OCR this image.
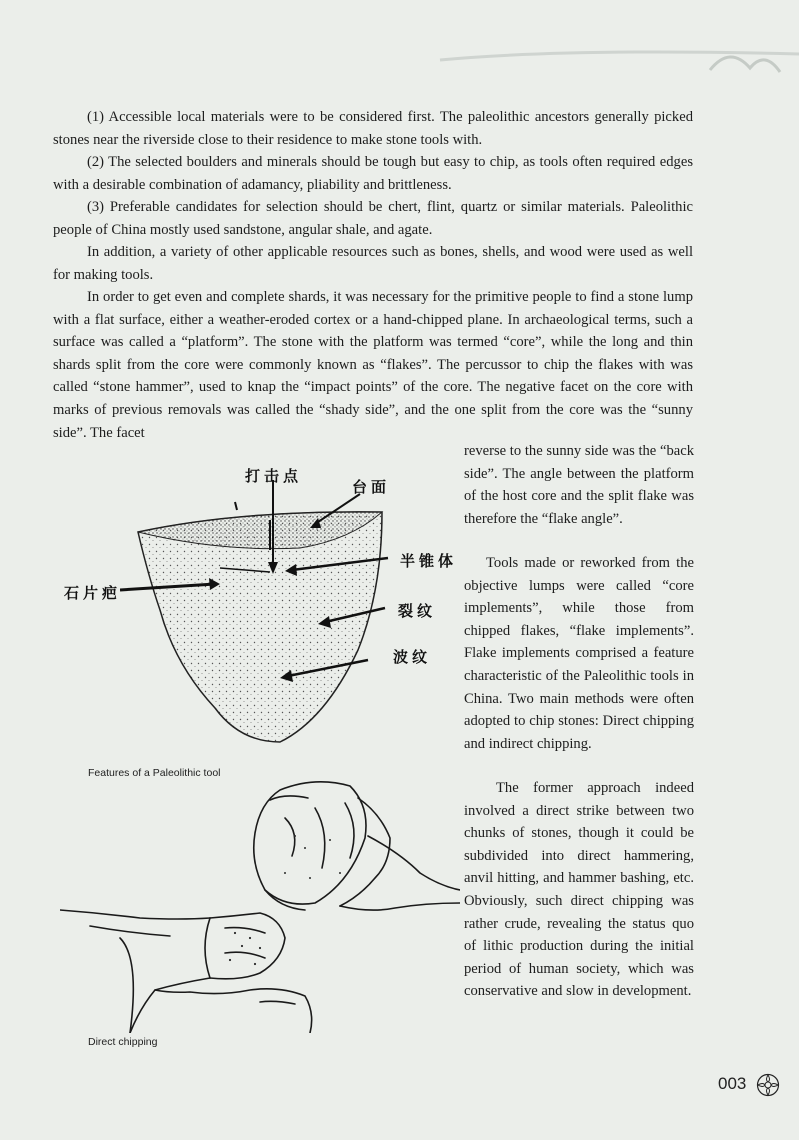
(1) Accessible local materials were to be considered first. The paleolithic ancestors generally picked stones near the riverside close to their residence to make stone tools with.

(2) The selected boulders and minerals should be tough but easy to chip, as tools often required edges with a desirable combination of adamancy, pliability and brittleness.

(3) Preferable candidates for selection should be chert, flint, quartz or similar materials. Paleolithic people of China mostly used sandstone, angular shale, and agate.

In addition, a variety of other applicable resources such as bones, shells, and wood were used as well for making tools.

In order to get even and complete shards, it was necessary for the primitive people to find a stone lump with a flat surface, either a weather-eroded cortex or a hand-chipped plane. In archaeological terms, such a surface was called a “platform”. The stone with the platform was termed “core”, while the long and thin shards split from the core were commonly known as “flakes”. The percussor to chip the flakes with was called “stone hammer”, used to knap the “impact points” of the core. The negative facet on the core with marks of previous removals was called the “shady side”, and the one split from the core was the “sunny side”. The facet

reverse to the sunny side was the “back side”. The angle between the platform of the host core and the split flake was therefore the “flake angle”.

Tools made or reworked from the objective lumps were called “core implements”, while those from chipped flakes, “flake implements”. Flake implements comprised a feature characteristic of the Paleolithic tools in China. Two main methods were often adopted to chip stones: Direct chipping and indirect chipping.

The former approach indeed involved a direct strike between two chunks of stones, though it could be subdivided into direct hammering, anvil hitting, and hammer bashing, etc. Obviously, such direct chipping was rather crude, revealing the status quo of lithic production during the initial period of human society, which was conservative and slow in development.

打击点
台面
半锥体
石片疤
裂纹
波纹
Features of a Paleolithic tool
Direct chipping
003
